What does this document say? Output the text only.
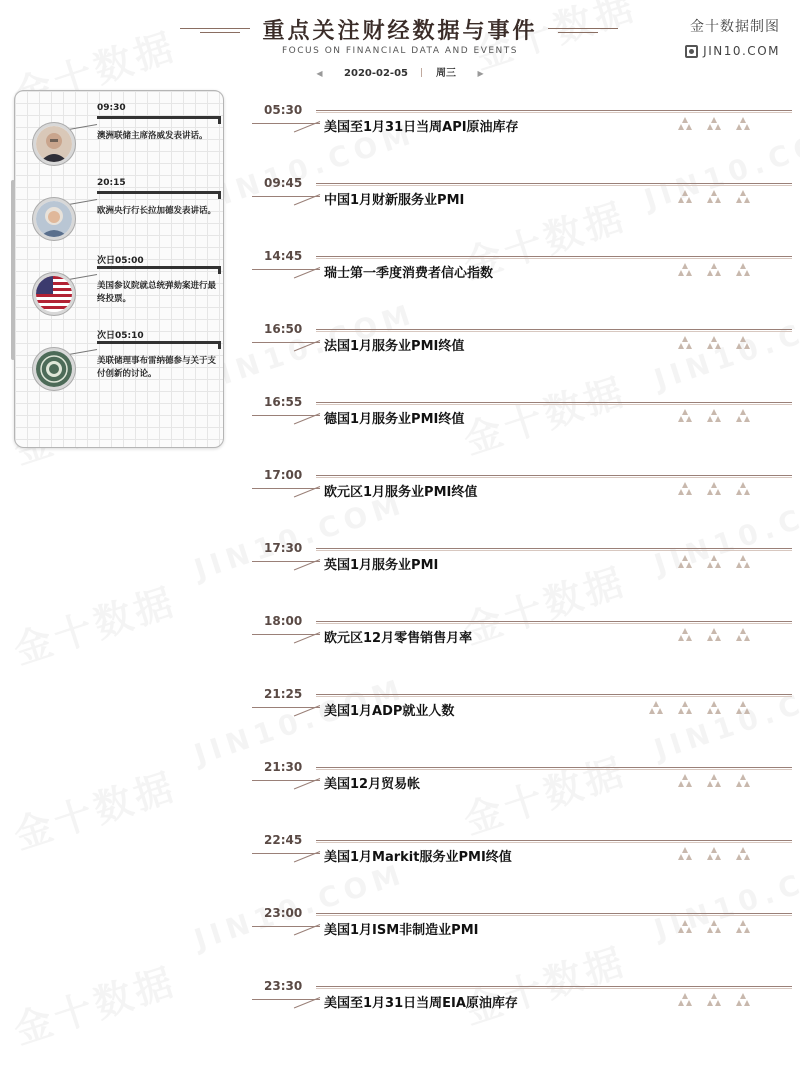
重点关注财经数据与事件
FOCUS ON FINANCIAL DATA AND EVENTS
◀ 2020-02-05	周三	▶
金十数据制图
JIN10.COM
09:30
澳洲联储主席洛威发表讲话。
20:15
欧洲央行行长拉加德发表讲话。
次日05:00
美国参议院就总统弹劾案进行最终投票。
次日05:10
美联储理事布雷纳德参与关于支付创新的讨论。
05:30
美国至1月31日当周API原油库存
09:45
中国1月财新服务业PMI
14:45
瑞士第一季度消费者信心指数
16:50
法国1月服务业PMI终值
16:55
德国1月服务业PMI终值
17:00
欧元区1月服务业PMI终值
17:30
英国1月服务业PMI
18:00
欧元区12月零售销售月率
21:25
美国1月ADP就业人数
21:30
美国12月贸易帐
22:45
美国1月Markit服务业PMI终值
23:00
美国1月ISM非制造业PMI
23:30
美国至1月31日当周EIA原油库存
